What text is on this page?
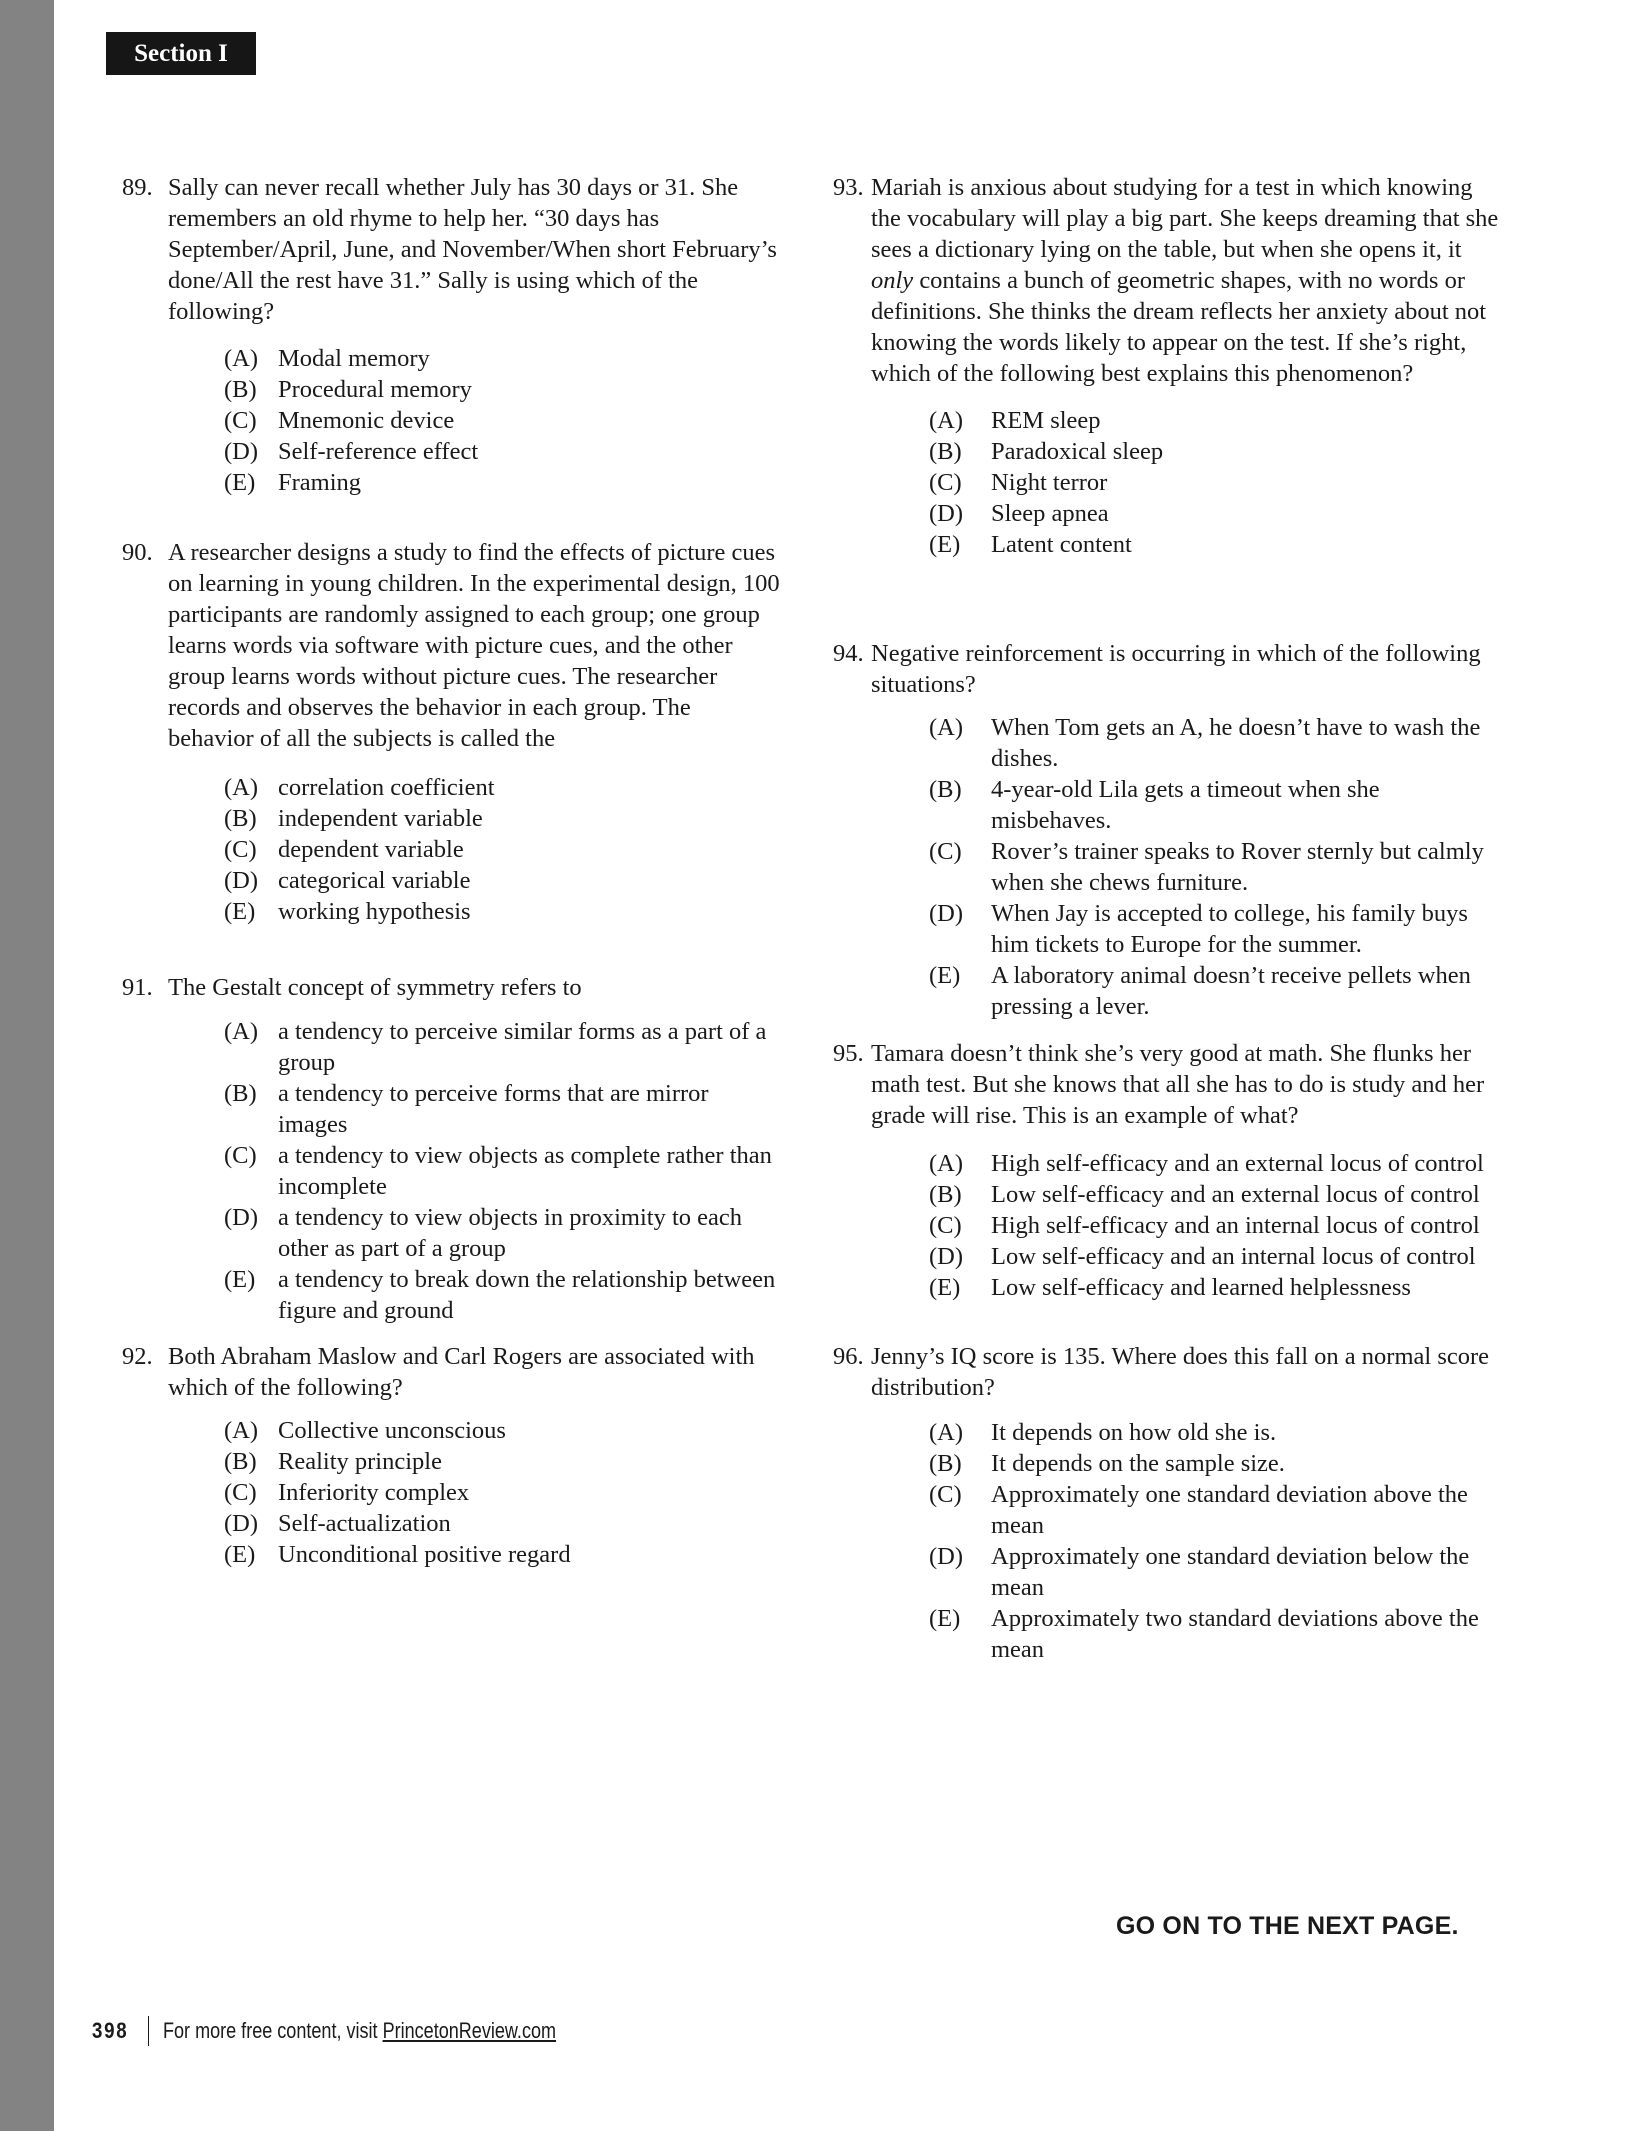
Section I
89. Sally can never recall whether July has 30 days or 31. She remembers an old rhyme to help her. “30 days has September/April, June, and November/When short February’s done/All the rest have 31.” Sally is using which of the following?
(A) Modal memory
(B) Procedural memory
(C) Mnemonic device
(D) Self-reference effect
(E) Framing
90. A researcher designs a study to find the effects of picture cues on learning in young children. In the experimental design, 100 participants are randomly assigned to each group; one group learns words via software with picture cues, and the other group learns words without picture cues. The researcher records and observes the behavior in each group. The behavior of all the subjects is called the
(A) correlation coefficient
(B) independent variable
(C) dependent variable
(D) categorical variable
(E) working hypothesis
91. The Gestalt concept of symmetry refers to
(A) a tendency to perceive similar forms as a part of a group
(B) a tendency to perceive forms that are mirror images
(C) a tendency to view objects as complete rather than incomplete
(D) a tendency to view objects in proximity to each other as part of a group
(E) a tendency to break down the relationship between figure and ground
92. Both Abraham Maslow and Carl Rogers are associated with which of the following?
(A) Collective unconscious
(B) Reality principle
(C) Inferiority complex
(D) Self-actualization
(E) Unconditional positive regard
93. Mariah is anxious about studying for a test in which knowing the vocabulary will play a big part. She keeps dreaming that she sees a dictionary lying on the table, but when she opens it, it only contains a bunch of geometric shapes, with no words or definitions. She thinks the dream reflects her anxiety about not knowing the words likely to appear on the test. If she’s right, which of the following best explains this phenomenon?
(A) REM sleep
(B) Paradoxical sleep
(C) Night terror
(D) Sleep apnea
(E) Latent content
94. Negative reinforcement is occurring in which of the following situations?
(A) When Tom gets an A, he doesn’t have to wash the dishes.
(B) 4-year-old Lila gets a timeout when she misbehaves.
(C) Rover’s trainer speaks to Rover sternly but calmly when she chews furniture.
(D) When Jay is accepted to college, his family buys him tickets to Europe for the summer.
(E) A laboratory animal doesn’t receive pellets when pressing a lever.
95. Tamara doesn’t think she’s very good at math. She flunks her math test. But she knows that all she has to do is study and her grade will rise. This is an example of what?
(A) High self-efficacy and an external locus of control
(B) Low self-efficacy and an external locus of control
(C) High self-efficacy and an internal locus of control
(D) Low self-efficacy and an internal locus of control
(E) Low self-efficacy and learned helplessness
96. Jenny’s IQ score is 135. Where does this fall on a normal score distribution?
(A) It depends on how old she is.
(B) It depends on the sample size.
(C) Approximately one standard deviation above the mean
(D) Approximately one standard deviation below the mean
(E) Approximately two standard deviations above the mean
GO ON TO THE NEXT PAGE.
398 For more free content, visit PrincetonReview.com
